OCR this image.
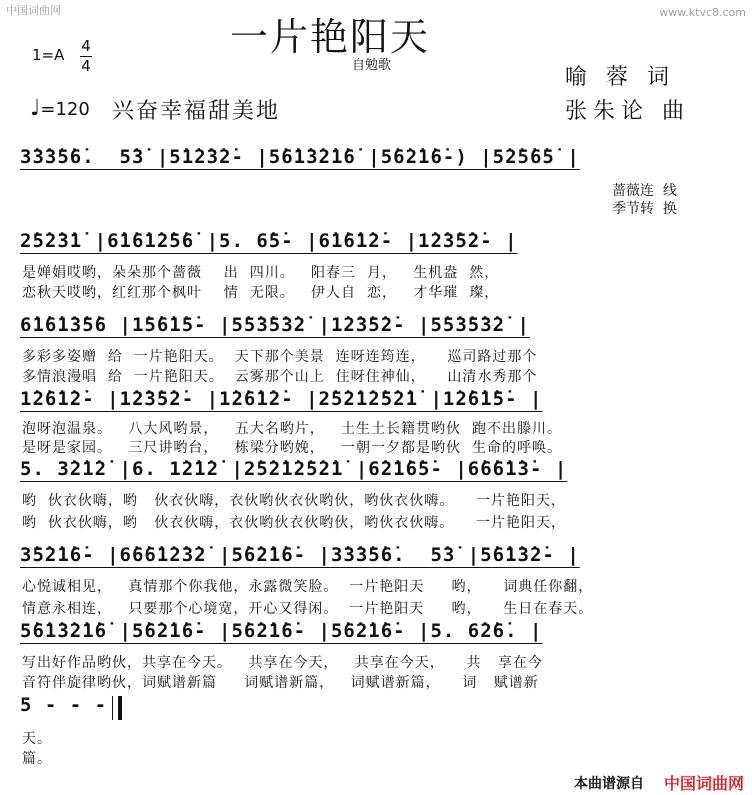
中国词曲网	www.ktvc8.com
一片艳阳天
自勉歌
1=A 4
4	喻 蓉 词
张朱论 曲
♩=120 兴奋幸福甜美地
3̇3̇3̇5̇6̇.  5̇3̇ |5̇1̇2̇3̇2̇- |5̇6̇1̇3̇2̇1̇6̇ |5̇6̇2̇1̇6̇-) |5̇2̇5̇6̇5̇ |
蔷薇连  线
季节转  换
2̇5̇2̇3̇1̇ |6̇1̇6̇1̇2̇5̇6̇ |5. 6̇5̇- |6̇1̇6̇1̇2̇- |1̇2̇3̇5̇2̇- |
是婵娟哎哟，朵朵那个蔷薇    出  四川。   阳春三  月，   生机盎  然，
恋秋天哎哟，红红那个枫叶    情  无限。   伊人自  恋，   才华璀  璨，
6̇1̇6̇1̇3̇5̇6 |1̇5̇6̇1̇5̇- |5̇5̇3̇5̇3̇2̇ |1̇2̇3̇5̇2̇- |5̇5̇3̇5̇3̇2̇ |
多彩多姿赠  给  一片艳阳天。  天下那个美景  连呀连筠连，    巡司路过那个
多情浪漫唱  给  一片艳阳天。  云雾那个山上  住呀住神仙，    山清水秀那个
1̇2̇6̇1̇2̇- |1̇2̇3̇5̇2̇- |1̇2̇6̇1̇2̇- |2̇5̇2̇1̇2̇5̇2̇1̇ |1̇2̇6̇1̇5̇- |
泡呀泡温泉。   八大风哟景，   五大名哟片，   土生土长籍贯哟伙  跑不出滕川。
是呀是家园。   三尺讲哟台，   栋梁分哟娩，   一朝一夕都是哟伙  生命的呼唤。
5. 3̇2̇1̇2̇ |6. 1̇2̇1̇2̇ |2̇5̇2̇1̇2̇5̇2̇1̇ |6̇2̇1̇6̇5̇- |6̇6̇6̇1̇3̇- |
哟  伙衣伙嗨，哟   伙衣伙嗨，衣伙哟伙衣伙哟伙，哟伙衣伙嗨。    一片艳阳天，
哟  伙衣伙嗨，哟   伙衣伙嗨，衣伙哟伙衣伙哟伙，哟伙衣伙嗨。    一片艳阳天，
3̇5̇2̇1̇6̇- |6̇6̇6̇1̇2̇3̇2̇ |5̇6̇2̇1̇6̇- |3̇3̇3̇5̇6̇.  5̇3̇ |5̇6̇1̇3̇2̇- |
心悦诚相见，   真情那个你我他，永露微笑脸。  一片艳阳天     哟，    词典任你翻，
情意永相连，   只要那个心境宽，开心又得闲。  一片艳阳天     哟，    生日在春天。
5̇6̇1̇3̇2̇1̇6̇ |5̇6̇2̇1̇6̇- |5̇6̇2̇1̇6̇- |5̇6̇2̇1̇6̇- |5. 6̇2̇6̇. |
写出好作品哟伙，共享在今天。   共享在今天，   共享在今天，    共   享在今
音符伴旋律哟伙，词赋谱新篇     词赋谱新篇，   词赋谱新篇，    词   赋谱新
5 - - -
天。
篇。
本曲谱源自 中国词曲网
